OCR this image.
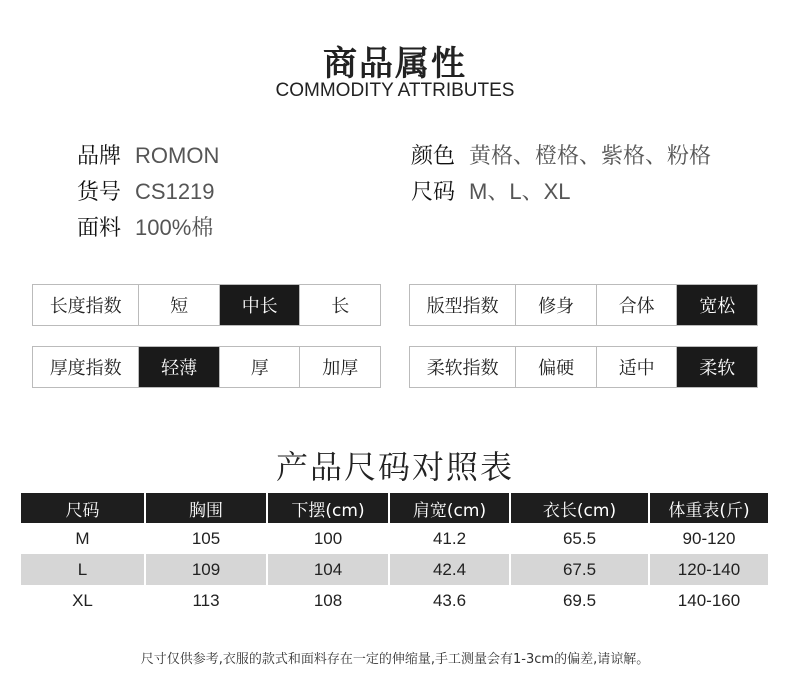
商品属性
COMMODITY ATTRIBUTES
品牌 ROMON
货号 CS1219
面料 100%棉
颜色 黄格、橙格、紫格、粉格
尺码 M、L、XL
长度指数	短	中长	长	版型指数	修身	合体	宽松
厚度指数	轻薄	厚	加厚	柔软指数	偏硬	适中	柔软
产品尺码对照表
尺码	胸围	下摆(cm)	肩宽(cm)	衣长(cm)	体重表(斤)
M	105	100	41.2	65.5	90-120
L	109	104	42.4	67.5	120-140
XL	113	108	43.6	69.5	140-160
尺寸仅供参考,衣服的款式和面料存在一定的伸缩量,手工测量会有1-3cm的偏差,请谅解。
